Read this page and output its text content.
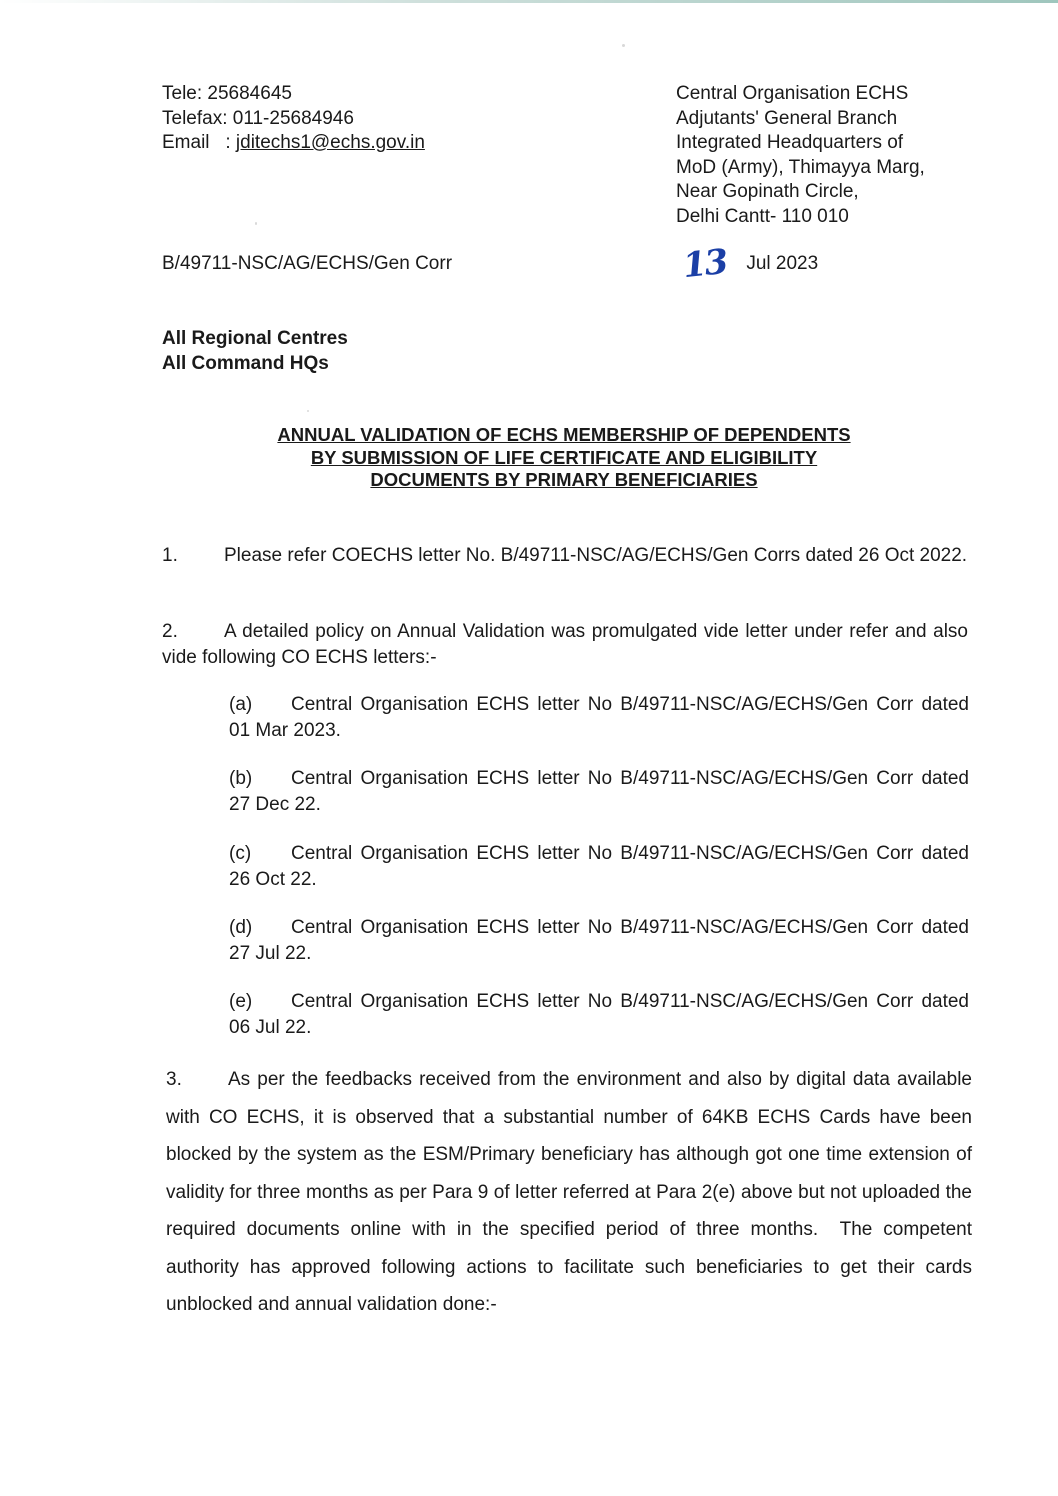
Tele: 25684645
Telefax: 011-25684946
Email   : jditechs1@echs.gov.in
Central Organisation ECHS
Adjutants' General Branch
Integrated Headquarters of
MoD (Army), Thimayya Marg,
Near Gopinath Circle,
Delhi Cantt- 110 010
B/49711-NSC/AG/ECHS/Gen Corr	13 Jul 2023
All Regional Centres
All Command HQs
ANNUAL VALIDATION OF ECHS MEMBERSHIP OF DEPENDENTS
BY SUBMISSION OF LIFE CERTIFICATE AND ELIGIBILITY
DOCUMENTS BY PRIMARY BENEFICIARIES
1. Please refer COECHS letter No. B/49711-NSC/AG/ECHS/Gen Corrs dated 26 Oct 2022.
2. A detailed policy on Annual Validation was promulgated vide letter under refer and also vide following CO ECHS letters:-
(a) Central Organisation ECHS letter No B/49711-NSC/AG/ECHS/Gen Corr dated 01 Mar 2023.
(b) Central Organisation ECHS letter No B/49711-NSC/AG/ECHS/Gen Corr dated 27 Dec 22.
(c) Central Organisation ECHS letter No B/49711-NSC/AG/ECHS/Gen Corr dated 26 Oct 22.
(d) Central Organisation ECHS letter No B/49711-NSC/AG/ECHS/Gen Corr dated 27 Jul 22.
(e) Central Organisation ECHS letter No B/49711-NSC/AG/ECHS/Gen Corr dated 06 Jul 22.
3. As per the feedbacks received from the environment and also by digital data available with CO ECHS, it is observed that a substantial number of 64KB ECHS Cards have been blocked by the system as the ESM/Primary beneficiary has although got one time extension of validity for three months as per Para 9 of letter referred at Para 2(e) above but not uploaded the required documents online with in the specified period of three months.  The competent authority has approved following actions to facilitate such beneficiaries to get their cards unblocked and annual validation done:-
